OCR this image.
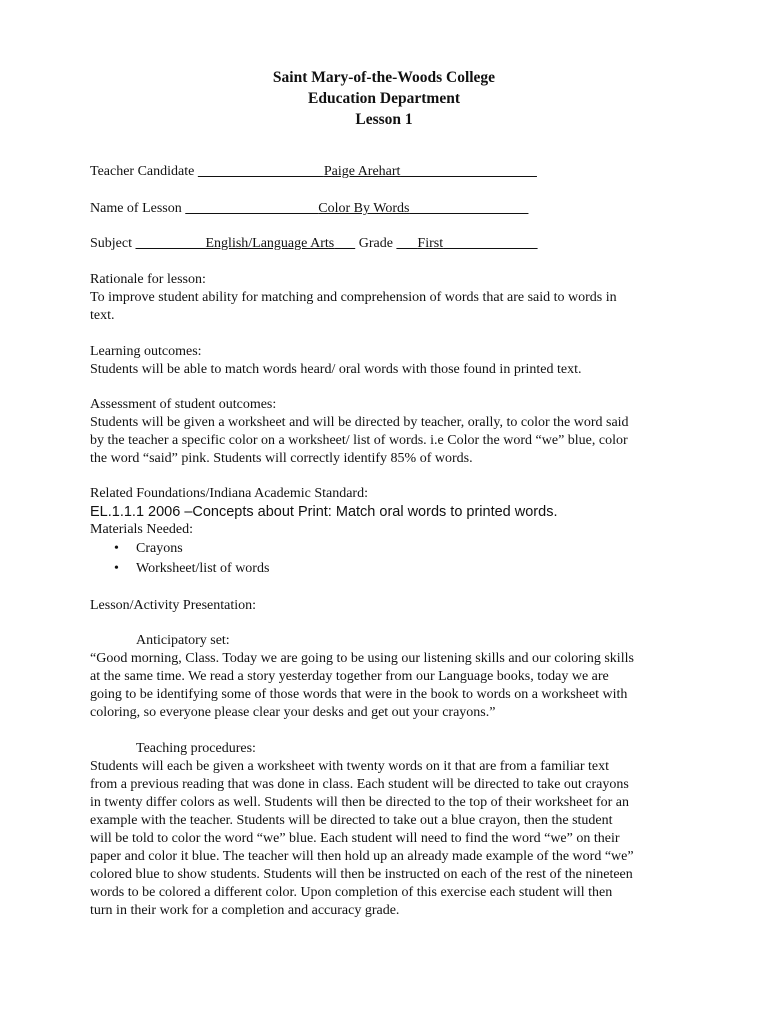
Saint Mary-of-the-Woods College
Education Department
Lesson 1
Teacher Candidate	Paige Arehart
Name of Lesson	Color By Words
Subject	English/Language Arts Grade First
Rationale for lesson:
To improve student ability for matching and comprehension of words that are said to words in
text.
Learning outcomes:
Students will be able to match words heard/ oral words with those found in printed text.
Assessment of student outcomes:
Students will be given a worksheet and will be directed by teacher, orally, to color the word said
by the teacher a specific color on a worksheet/ list of words. i.e Color the word “we” blue, color
the word “said” pink. Students will correctly identify 85% of words.
Related Foundations/Indiana Academic Standard:
EL.1.1.1 2006 –Concepts about Print: Match oral words to printed words.
Materials Needed:
• Crayons
• Worksheet/list of words
Lesson/Activity Presentation:
Anticipatory set:
“Good morning, Class. Today we are going to be using our listening skills and our coloring skills
at the same time. We read a story yesterday together from our Language books, today we are
going to be identifying some of those words that were in the book to words on a worksheet with
coloring, so everyone please clear your desks and get out your crayons.”
Teaching procedures:
Students will each be given a worksheet with twenty words on it that are from a familiar text
from a previous reading that was done in class. Each student will be directed to take out crayons
in twenty differ colors as well. Students will then be directed to the top of their worksheet for an
example with the teacher. Students will be directed to take out a blue crayon, then the student
will be told to color the word “we” blue. Each student will need to find the word “we” on their
paper and color it blue. The teacher will then hold up an already made example of the word “we”
colored blue to show students. Students will then be instructed on each of the rest of the nineteen
words to be colored a different color. Upon completion of this exercise each student will then
turn in their work for a completion and accuracy grade.
